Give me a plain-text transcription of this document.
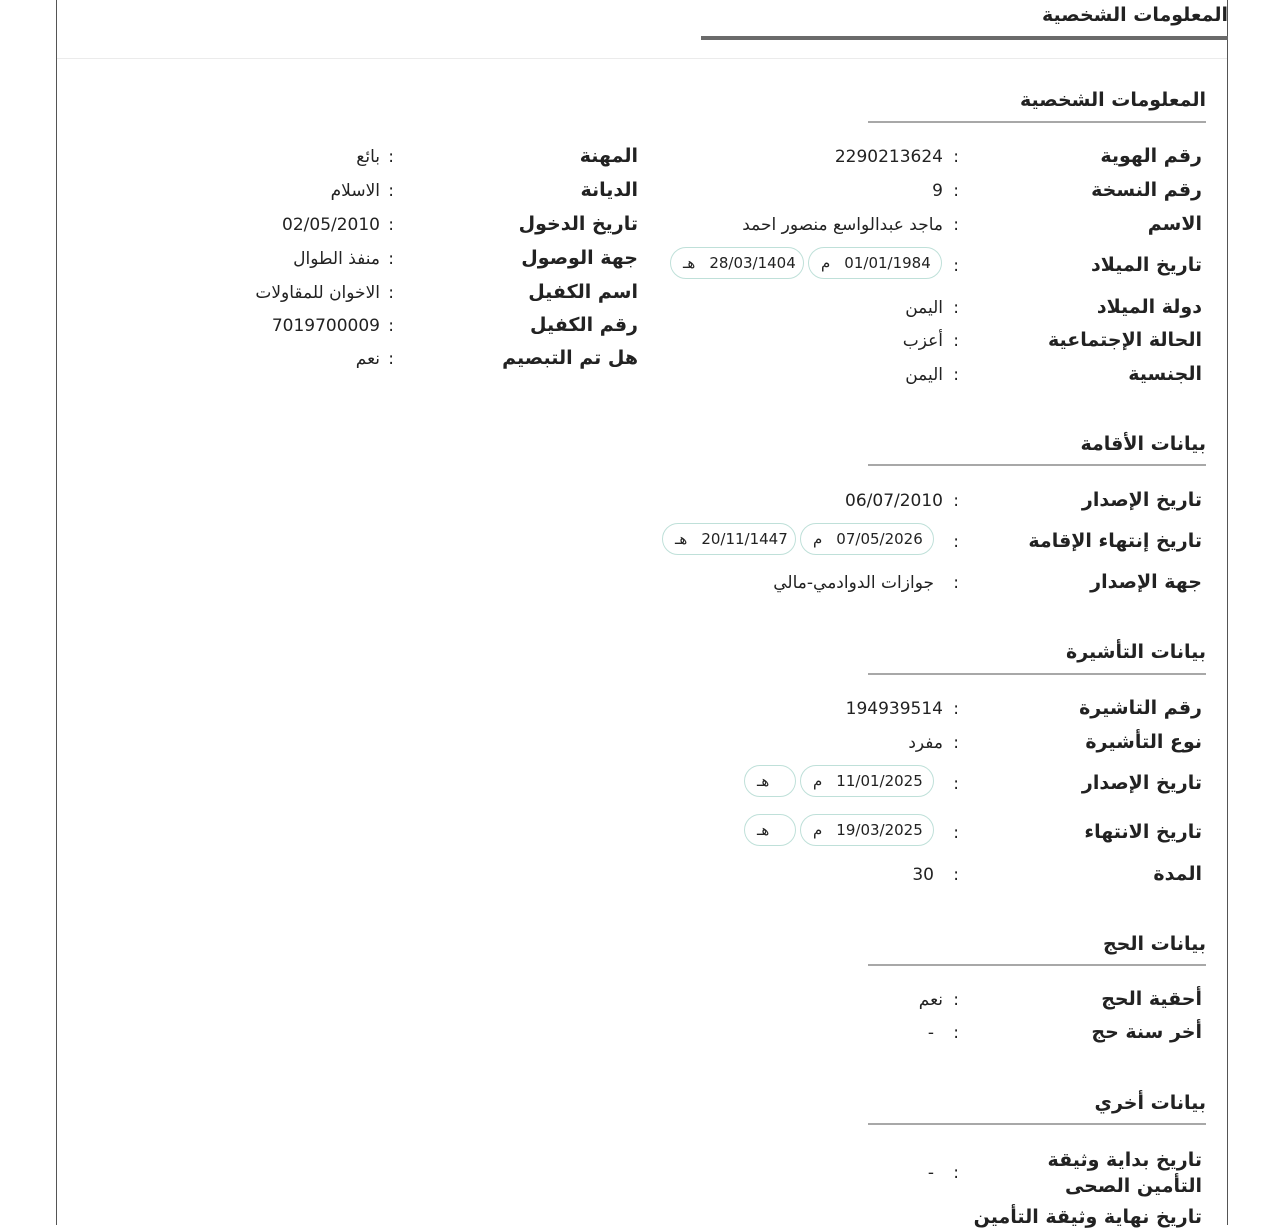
المعلومات الشخصية
المعلومات الشخصية
رقم الهوية
:
2290213624
رقم النسخة
:
9
الاسم
:
ماجد عبدالواسع منصور احمد
تاريخ الميلاد
:
م 01/01/1984
هـ 28/03/1404
دولة الميلاد
:
اليمن
الحالة الإجتماعية
:
أعزب
الجنسية
:
اليمن
المهنة
:
بائع
الديانة
:
الاسلام
تاريخ الدخول
:
02/05/2010
جهة الوصول
:
منفذ الطوال
اسم الكفيل
:
الاخوان للمقاولات
رقم الكفيل
:
7019700009
هل تم التبصيم
:
نعم
بيانات الأقامة
تاريخ الإصدار
:
06/07/2010
تاريخ إنتهاء الإقامة
:
م 07/05/2026
هـ 20/11/1447
جهة الإصدار
:
جوازات الدوادمي-مالي
بيانات التأشيرة
رقم التاشيرة
:
194939514
نوع التأشيرة
:
مفرد
تاريخ الإصدار
:
م 11/01/2025
هـ
تاريخ الانتهاء
:
م 19/03/2025
هـ
المدة
:
30
بيانات الحج
أحقية الحج
:
نعم
أخر سنة حج
:
-
بيانات أخري
تاريخ بداية وثيقة التأمين الصحى
:
-
تاريخ نهاية وثيقة التأمين
